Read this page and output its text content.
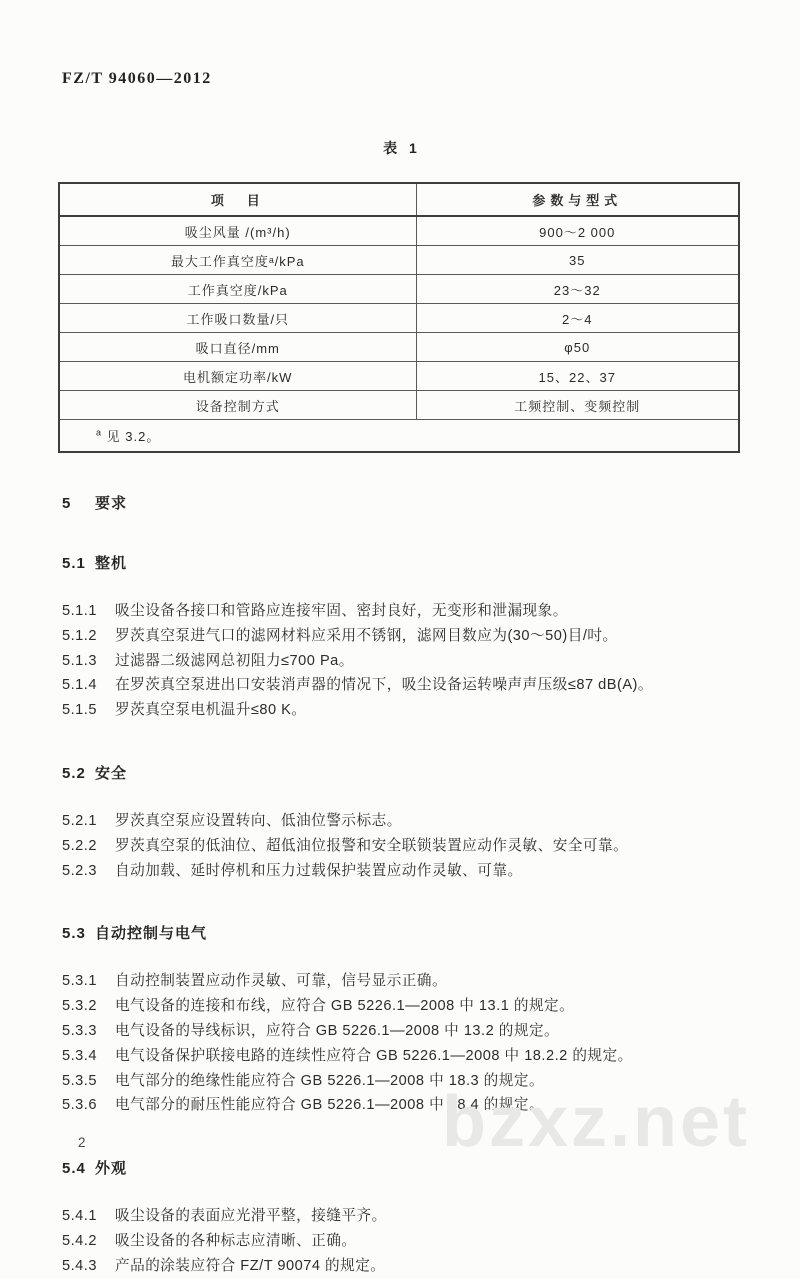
FZ/T 94060—2012
表 1
项　目	参数与型式
吸尘风量 /(m³/h)	900～2 000
最大工作真空度ᵃ/kPa	35
工作真空度/kPa	23～32
工作吸口数量/只	2～4
吸口直径/mm	φ50
电机额定功率/kW	15、22、37
设备控制方式	工频控制、变频控制
$^a$ 见 3.2。	
5 要求
5.1 整机
5.1.1 吸尘设备各接口和管路应连接牢固、密封良好，无变形和泄漏现象。
5.1.2 罗茨真空泵进气口的滤网材料应采用不锈钢，滤网目数应为(30～50)目/吋。
5.1.3 过滤器二级滤网总初阻力≤700 Pa。
5.1.4 在罗茨真空泵进出口安装消声器的情况下，吸尘设备运转噪声声压级≤87 dB(A)。
5.1.5 罗茨真空泵电机温升≤80 K。
5.2 安全
5.2.1 罗茨真空泵应设置转向、低油位警示标志。
5.2.2 罗茨真空泵的低油位、超低油位报警和安全联锁装置应动作灵敏、安全可靠。
5.2.3 自动加载、延时停机和压力过载保护装置应动作灵敏、可靠。
5.3 自动控制与电气
5.3.1 自动控制装置应动作灵敏、可靠，信号显示正确。
5.3.2 电气设备的连接和布线，应符合 GB 5226.1—2008 中 13.1 的规定。
5.3.3 电气设备的导线标识，应符合 GB 5226.1—2008 中 13.2 的规定。
5.3.4 电气设备保护联接电路的连续性应符合 GB 5226.1—2008 中 18.2.2 的规定。
5.3.5 电气部分的绝缘性能应符合 GB 5226.1—2008 中 18.3 的规定。
5.3.6 电气部分的耐压性能应符合 GB 5226.1—2008 中 18.4 的规定。
5.4 外观
5.4.1 吸尘设备的表面应光滑平整，接缝平齐。
5.4.2 吸尘设备的各种标志应清晰、正确。
5.4.3 产品的涂装应符合 FZ/T 90074 的规定。
bzxz.net
2
